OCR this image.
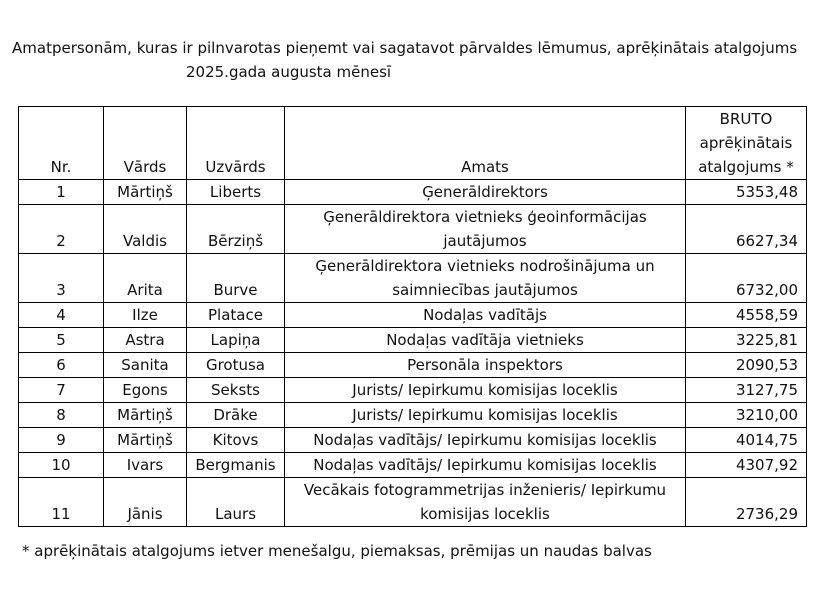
Amatpersonām, kuras ir pilnvarotas pieņemt vai sagatavot pārvaldes lēmumus, aprēķinātais atalgojums
2025.gada augusta mēnesī
Nr.	Vārds	Uzvārds	Amats	BRUTO aprēķinātais atalgojums *
1	Mārtiņš	Liberts	Ģenerāldirektors	5353,48
2	Valdis	Bērziņš	Ģenerāldirektora vietnieks ģeoinformācijas jautājumos	6627,34
3	Arita	Burve	Ģenerāldirektora vietnieks nodrošinājuma un saimniecības jautājumos	6732,00
4	Ilze	Platace	Nodaļas vadītājs	4558,59
5	Astra	Lapiņa	Nodaļas vadītāja vietnieks	3225,81
6	Sanita	Grotusa	Personāla inspektors	2090,53
7	Egons	Seksts	Jurists/ Iepirkumu komisijas loceklis	3127,75
8	Mārtiņš	Drāke	Jurists/ Iepirkumu komisijas loceklis	3210,00
9	Mārtiņš	Kitovs	Nodaļas vadītājs/ Iepirkumu komisijas loceklis	4014,75
10	Ivars	Bergmanis	Nodaļas vadītājs/ Iepirkumu komisijas loceklis	4307,92
11	Jānis	Laurs	Vecākais fotogrammetrijas inženieris/ Iepirkumu komisijas loceklis	2736,29
* aprēķinātais atalgojums ietver menešalgu, piemaksas, prēmijas un naudas balvas
